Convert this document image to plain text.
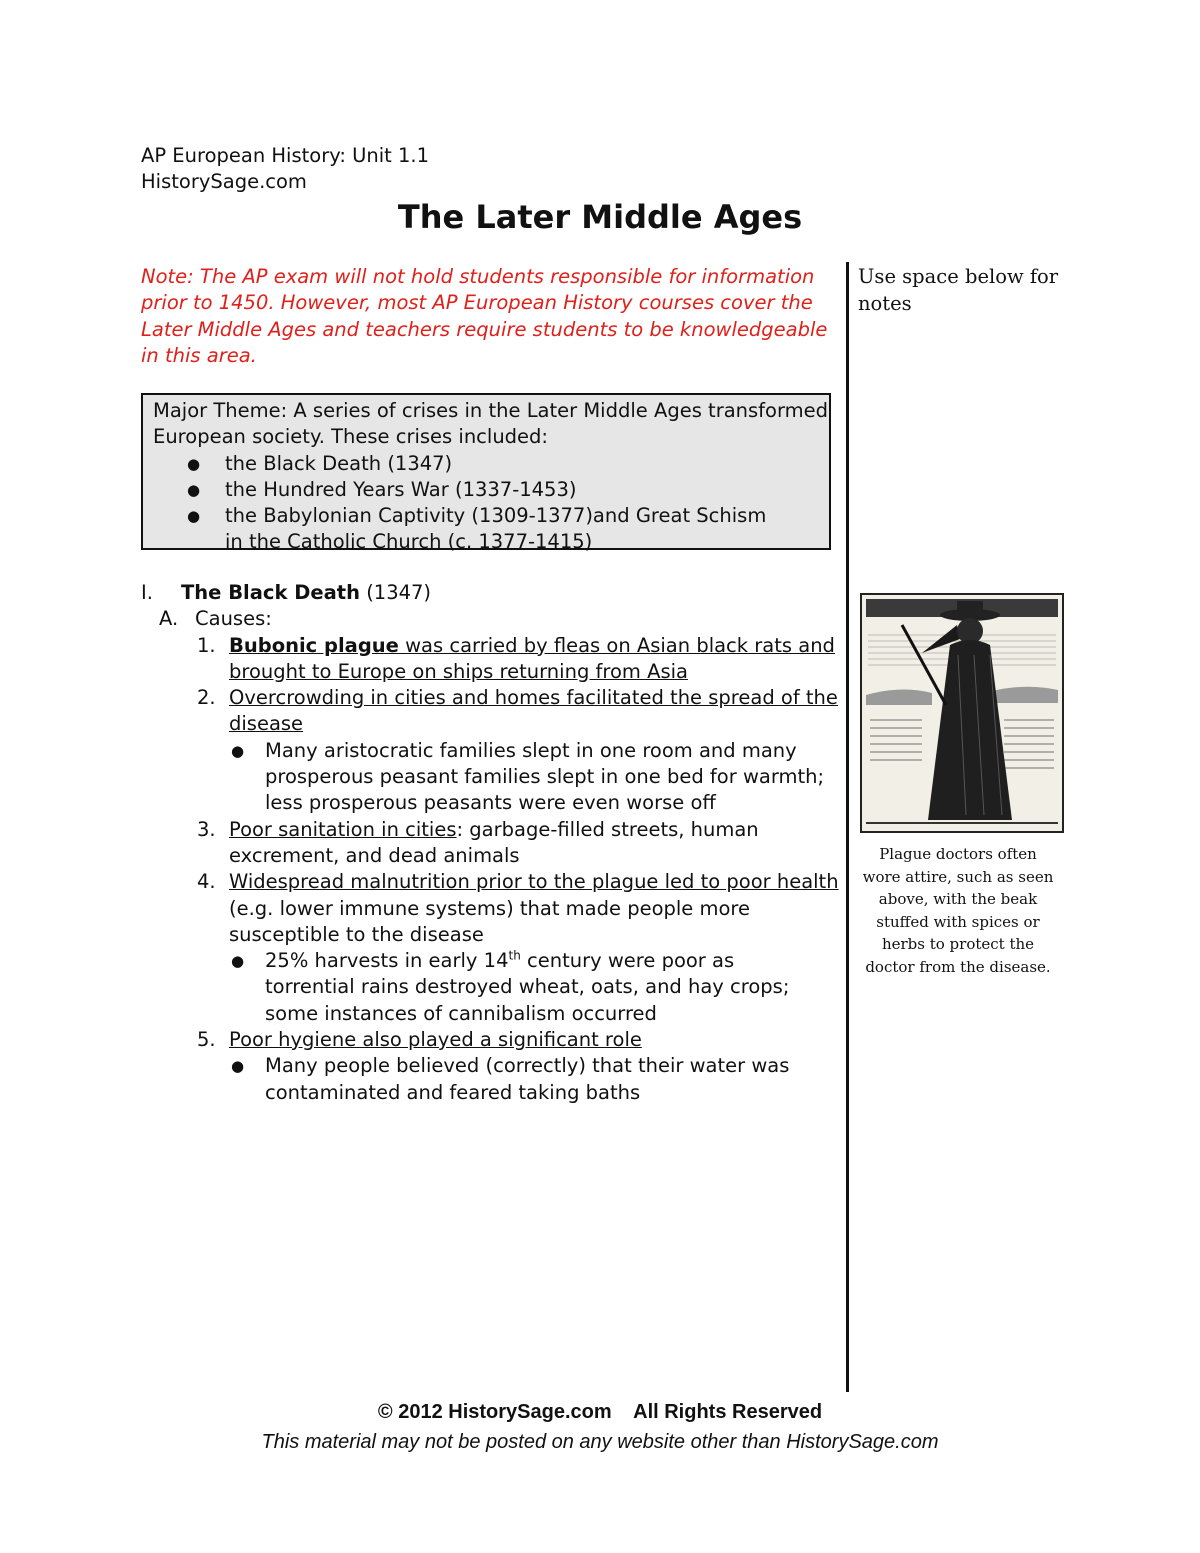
AP European History: Unit 1.1
HistorySage.com
The Later Middle Ages
Note: The AP exam will not hold students responsible for information prior to 1450. However, most AP European History courses cover the Later Middle Ages and teachers require students to be knowledgeable in this area.
Major Theme: A series of crises in the Later Middle Ages transformed European society. These crises included:
● the Black Death (1347)
● the Hundred Years War (1337-1453)
● the Babylonian Captivity (1309-1377)and Great Schism in the Catholic Church (c. 1377-1415)
Use space below for notes
Plague doctors often wore attire, such as seen above, with the beak stuffed with spices or herbs to protect the doctor from the disease.
I. The Black Death (1347)
A. Causes:
1. Bubonic plague was carried by fleas on Asian black rats and brought to Europe on ships returning from Asia
2. Overcrowding in cities and homes facilitated the spread of the disease
● Many aristocratic families slept in one room and many prosperous peasant families slept in one bed for warmth; less prosperous peasants were even worse off
3. Poor sanitation in cities: garbage-filled streets, human excrement, and dead animals
4. Widespread malnutrition prior to the plague led to poor health (e.g. lower immune systems) that made people more susceptible to the disease
● 25% harvests in early 14th century were poor as torrential rains destroyed wheat, oats, and hay crops; some instances of cannibalism occurred
5. Poor hygiene also played a significant role
● Many people believed (correctly) that their water was contaminated and feared taking baths
© 2012 HistorySage.com    All Rights Reserved
This material may not be posted on any website other than HistorySage.com
